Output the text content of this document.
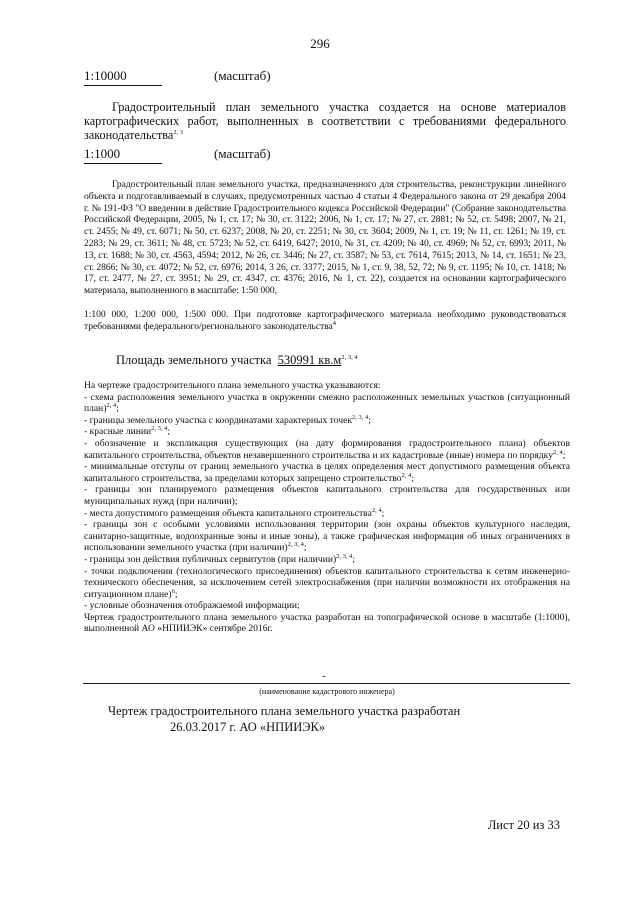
296
1:10000	(масштаб)
Градостроительный план земельного участка создается на основе материалов картографических работ, выполненных в соответствии с требованиями федерального законодательства$^{2, 3}$
1:1000	(масштаб)
Градостроительный план земельного участка, предназначенного для строительства, реконструкции линейного объекта и подготавливаемый в случаях, предусмотренных частью 4 статьи 4 Федерального закона от 29 декабря 2004 г. № 191-ФЗ "О введении в действие Градостроительного кодекса Российской Федерации" (Собрание законодательства Российской Федерации, 2005, № 1, ст. 17; № 30, ст. 3122; 2006, № 1, ст. 17; № 27, ст. 2881; № 52, ст. 5498; 2007, № 21, ст. 2455; № 49, ст. 6071; № 50, ст. 6237; 2008, № 20, ст. 2251; № 30, ст. 3604; 2009, № 1, ст. 19; № 11, ст. 1261; № 19, ст. 2283; № 29, ст. 3611; № 48, ст. 5723; № 52, ст. 6419, 6427; 2010, № 31, ст. 4209; № 40, ст. 4969; № 52, ст. 6993; 2011, № 13, ст. 1688; № 30, ст. 4563, 4594; 2012, № 26, ст. 3446; № 27, ст. 3587; № 53, ст. 7614, 7615; 2013, № 14, ст. 1651; № 23, ст. 2866; № 30, ст. 4072; № 52, ст. 6976; 2014, 3 26, ст. 3377; 2015, № 1, ст. 9, 38, 52, 72; № 9, ст. 1195; № 10, ст. 1418; № 17, ст. 2477, № 27, ст. 3951; № 29, ст. 4347, ст. 4376; 2016, № 1, ст. 22), создается на основании картографического материала, выполненного в масштабе: 1:50 000,
1:100 000, 1:200 000, 1:500 000. При подготовке картографического материала необходимо руководствоваться требованиями федерального/регионального законодательства$^4$
Площадь земельного участка 530991 $кв.м^{2, 3, 4}$
На чертеже градостроительного плана земельного участка указываются:
- схема расположения земельного участка в окружении смежно расположенных земельных участков (ситуационный план)$^{2, 4}$;
- границы земельного участка с координатами характерных точек$^{2, 3, 4}$;
- красные линии$^{2, 3, 4}$;
- обозначение и экспликация существующих (на дату формирования градостроительного плана) объектов капитального строительства, объектов незавершенного строительства и их кадастровые (иные) номера по порядку$^{2, 4}$;
- минимальные отступы от границ земельного участка в целях определения мест допустимого размещения объекта капитального строительства, за пределами которых запрещено строительство$^{2, 4}$;
- границы зон планируемого размещения объектов капитального строительства для государственных или муниципальных нужд (при наличии);
- места допустимого размещения объекта капитального строительства$^{2, 4}$;
- границы зон с особыми условиями использования территории (зон охраны объектов культурного наследия, санитарно-защитные, водоохранные зоны и иные зоны), а также графическая информация об иных ограничениях в использовании земельного участка (при наличии)$^{2, 3, 4}$;
- границы зон действия публичных сервитутов (при наличии)$^{2, 3, 4}$;
- точки подключения (технологического присоединения) объектов капитального строительства к сетям инженерно-технического обеспечения, за исключением сетей электроснабжения (при наличии возможности их отображения на ситуационном плане)$^6$;
- условные обозначения отображаемой информации;
Чертеж градостроительного плана земельного участка разработан на топографической основе в масштабе (1:1000), выполненной АО «НПИИЭК» сентябре 2016г.
-
(наименование кадастрового инженера)
Чертеж градостроительного плана земельного участка разработан
26.03.2017 г. АО «НПИИЭК»
Лист 20 из 33
